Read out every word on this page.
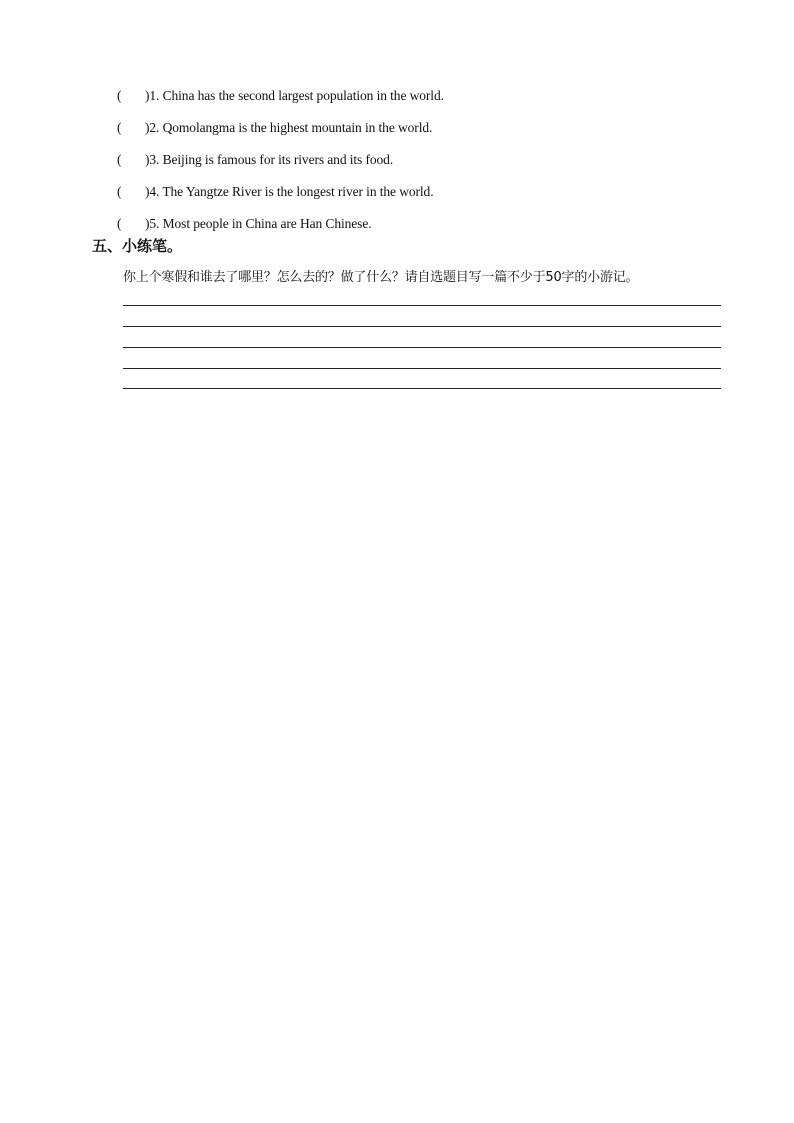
( )1. China has the second largest population in the world.
( )2. Qomolangma is the highest mountain in the world.
( )3. Beijing is famous for its rivers and its food.
( )4. The Yangtze River is the longest river in the world.
( )5. Most people in China are Han Chinese.
五、小练笔。
你上个寒假和谁去了哪里？怎么去的？做了什么？请自选题目写一篇不少于50字的小游记。
